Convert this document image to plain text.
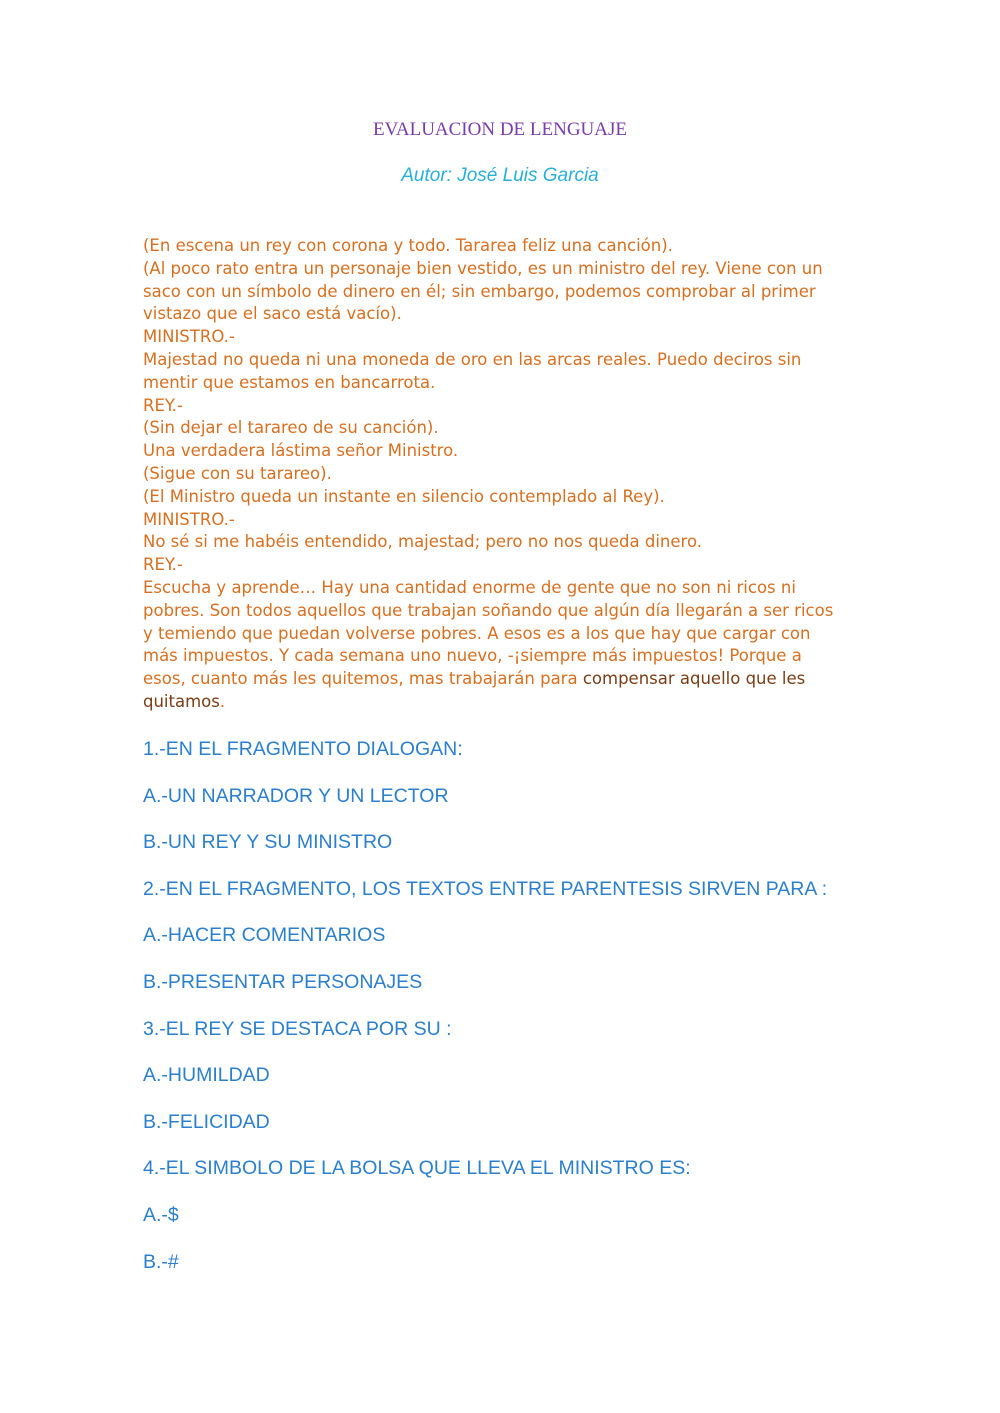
EVALUACION DE LENGUAJE
Autor: José Luis Garcia
(En escena un rey con corona y todo. Tararea feliz una canción).
(Al poco rato entra un personaje bien vestido, es un ministro del rey. Viene con un
saco con un símbolo de dinero en él; sin embargo, podemos comprobar al primer
vistazo que el saco está vacío).
MINISTRO.-
Majestad no queda ni una moneda de oro en las arcas reales. Puedo deciros sin
mentir que estamos en bancarrota.
REY.-
(Sin dejar el tarareo de su canción).
Una verdadera lástima señor Ministro.
(Sigue con su tarareo).
(El Ministro queda un instante en silencio contemplado al Rey).
MINISTRO.-
No sé si me habéis entendido, majestad; pero no nos queda dinero.
REY.-
Escucha y aprende… Hay una cantidad enorme de gente que no son ni ricos ni
pobres. Son todos aquellos que trabajan soñando que algún día llegarán a ser ricos
y temiendo que puedan volverse pobres. A esos es a los que hay que cargar con
más impuestos. Y cada semana uno nuevo, -¡siempre más impuestos! Porque a
esos, cuanto más les quitemos, mas trabajarán para compensar aquello que les
quitamos.
1.-EN EL FRAGMENTO DIALOGAN:
A.-UN NARRADOR Y UN LECTOR
B.-UN REY Y SU MINISTRO
2.-EN EL FRAGMENTO, LOS TEXTOS ENTRE PARENTESIS SIRVEN PARA :
A.-HACER COMENTARIOS
B.-PRESENTAR PERSONAJES
3.-EL REY SE DESTACA POR SU :
A.-HUMILDAD
B.-FELICIDAD
4.-EL SIMBOLO DE LA BOLSA QUE LLEVA EL MINISTRO ES:
A.-$
B.-#
